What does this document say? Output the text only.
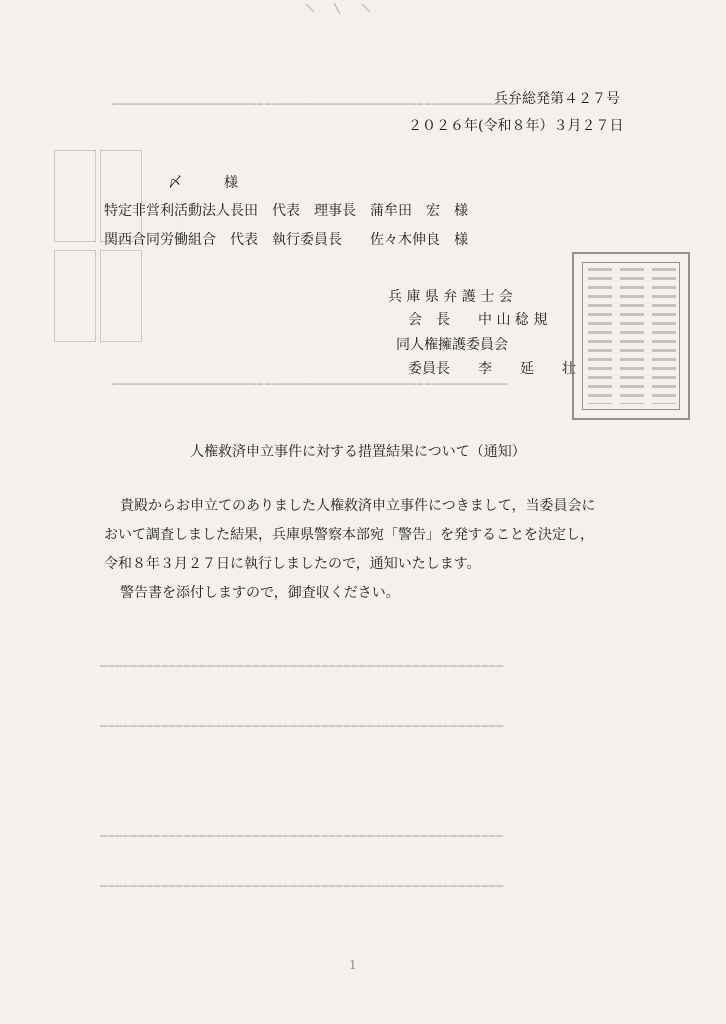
━━━━━━━━━━━━━━━━━━━━━━━━━━━━━━━━━━━━━━━━━━━━━━━━━━━━━
━━━━━━━━━━━━━━━━━━━━━━━━━━━━━━━━━━━━━━━━━━━━━━━━━━━━
━━━━━━━━━━━━━━━━━━━━━━━━━━━━━━━━━━━━━━━━━━━━━━━━━━━━━
━━━━━━━━━━━━━━━━━━━━━━━━━━━━━━━━━━━━━━━━━━━━━━━━━━━━━
━━━━━━━━━━━━━━━━━━━━━━━━━━━━━━━━━━━━━━━━━━━━━━━━━━━━━
━━━━━━━━━━━━━━━━━━━━━━━━━━━━━━━━━━━━━━━━━━━━━━━━━━━━━
兵弁総発第４２７号
２０２６年(令和８年）３月２７日
〆　　　様
特定非営利活動法人長田　代表　理事長　蒲牟田　宏　様
関西合同労働組合　代表　執行委員長　　佐々木伸良　様
兵 庫 県 弁 護 士 会
会　長　　中 山 稔 規
同人権擁護委員会
委員長　　李　　延　　壮
人権救済申立事件に対する措置結果について（通知）
貴殿からお申立てのありました人権救済申立事件につきまして，当委員会に
おいて調査しました結果，兵庫県警察本部宛「警告」を発することを決定し，
令和８年３月２７日に執行しましたので，通知いたします。
警告書を添付しますので，御査収ください。
1
